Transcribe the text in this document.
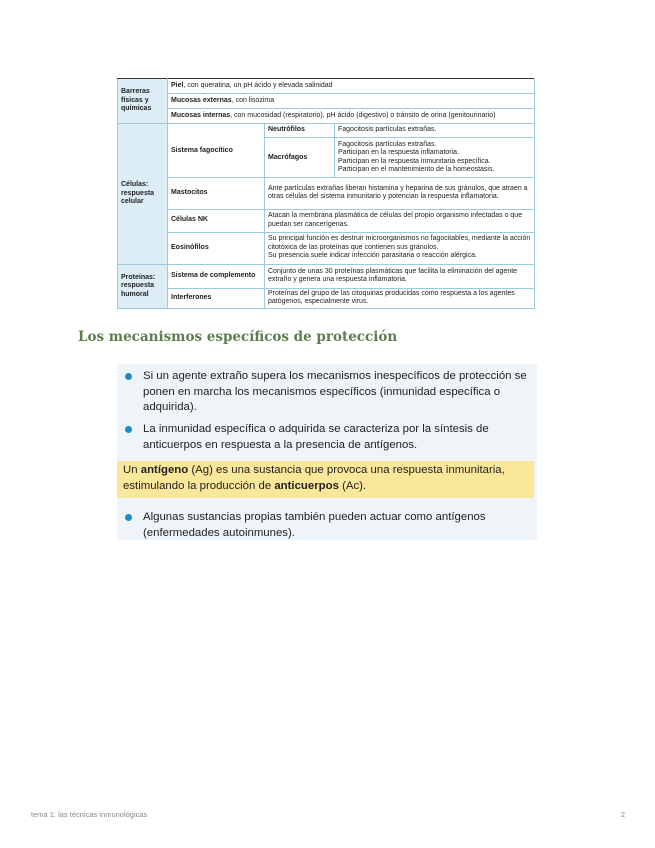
Barreras físicas y químicas	Piel, con queratina, un pH ácido y elevada salinidad		
	Mucosas externas, con lisozima		
	Mucosas internas, con mucosidad (respiratorio), pH ácido (digestivo) o tránsito de orina (genitourinario)		
Células: respuesta celular	Sistema fagocítico	Neutrófilos	Fagocitosis partículas extrañas.
		Macrófagos	Fagocitosis partículas extrañas.
Participan en la respuesta inflamatoria.
Participan en la respuesta inmunitaria específica.
Participan en el mantenimiento de la homeostasis.

	Mastocitos	Ante partículas extrañas liberan histamina y heparina de sus gránulos, que atraen a otras células del sistema inmunitario y potencian la respuesta inflamatoria.	
	Células NK	Atacan la membrana plasmática de células del propio organismo infectadas o que puedan ser cancerígenas.	
	Eosinófilos	Su principal función es destruir microorganismos no fagocitables, mediante la acción citotóxica de las proteínas que contienen sus gránulos.
Su presencia suele indicar infección parasitaria o reacción alérgica.	

Proteínas: respuesta humoral	Sistema de complemento	Conjunto de unas 30 proteínas plasmáticas que facilita la eliminación del agente extraño y genera una respuesta inflamatoria.	
	Interferones	Proteínas del grupo de las citoquinas producidas como respuesta a los agentes patógenos, especialmente virus.	
Los mecanismos específicos de protección
Si un agente extraño supera los mecanismos inespecíficos de protección se ponen en marcha los mecanismos específicos (inmunidad específica o adquirida).
La inmunidad específica o adquirida se caracteriza por la síntesis de anticuerpos en respuesta a la presencia de antígenos.
Un antígeno (Ag) es una sustancia que provoca una respuesta inmunitaria, estimulando la producción de anticuerpos (Ac).
Algunas sustancias propias también pueden actuar como antígenos (enfermedades autoinmunes).
tema 1: las técnicas inmunológicas	2
